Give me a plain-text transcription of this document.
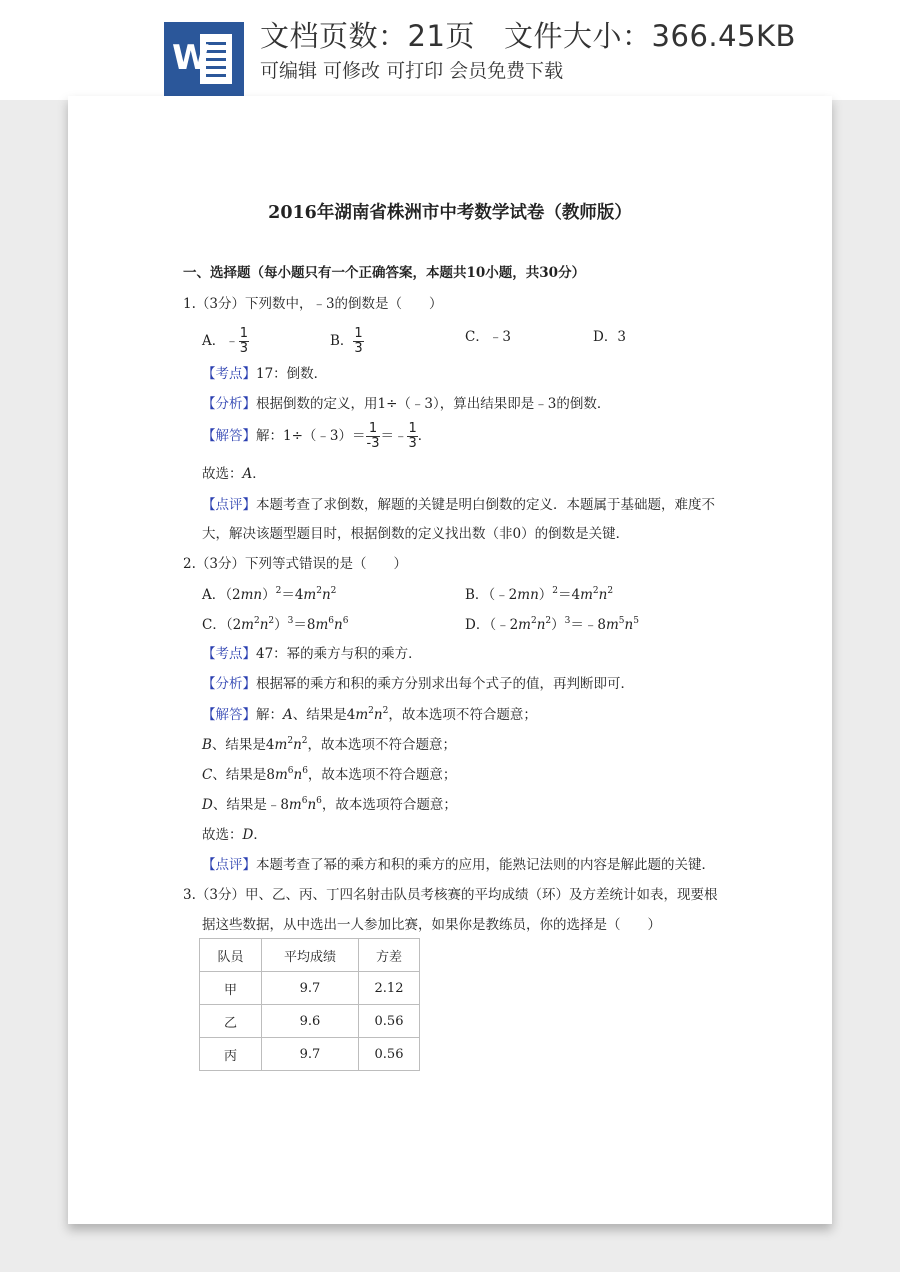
W
文档页数：21页   文件大小：366.45KB
可编辑 可修改 可打印 会员免费下载
2016年湖南省株洲市中考数学试卷（教师版）
一、选择题（每小题只有一个正确答案，本题共10小题，共30分）
1.（3分）下列数中，﹣3的倒数是（　　）
A．﹣ $\frac{1}{3}$	B． $\frac{1}{3}$	C．﹣3	D．3
【考点】17：倒数．
【分析】根据倒数的定义，用1÷（﹣3），算出结果即是﹣3的倒数．
【解答】解：1÷（﹣3）＝ $\frac{1}{-3}$ ＝﹣ $\frac{1}{3}$ ．
故选：A．
【点评】本题考查了求倒数，解题的关键是明白倒数的定义．本题属于基础题，难度不
大，解决该题型题目时，根据倒数的定义找出数（非0）的倒数是关键．
2.（3分）下列等式错误的是（　　）
A．$(2mn)^2=4m^2n^2$	B．$(﹣2mn)^2=4m^2n^2$
C．$(2m^2n^2)^3=8m^6n^6$	D．$(﹣2m^2n^2)^3=﹣8m^5n^5$
【考点】47：幂的乘方与积的乘方．
【分析】根据幂的乘方和积的乘方分别求出每个式子的值，再判断即可．
【解答】解：A、结果是$4m^2n^2$，故本选项不符合题意；
B、结果是$4m^2n^2$，故本选项不符合题意；
C、结果是$8m^6n^6$，故本选项不符合题意；
D、结果是$﹣8m^6n^6$，故本选项符合题意；
故选：D．
【点评】本题考查了幂的乘方和积的乘方的应用，能熟记法则的内容是解此题的关键．
3.（3分）甲、乙、丙、丁四名射击队员考核赛的平均成绩（环）及方差统计如表，现要根
据这些数据，从中选出一人参加比赛，如果你是教练员，你的选择是（　　）
队员	平均成绩	方差
甲	9.7	2.12
乙	9.6	0.56
丙	9.7	0.56
